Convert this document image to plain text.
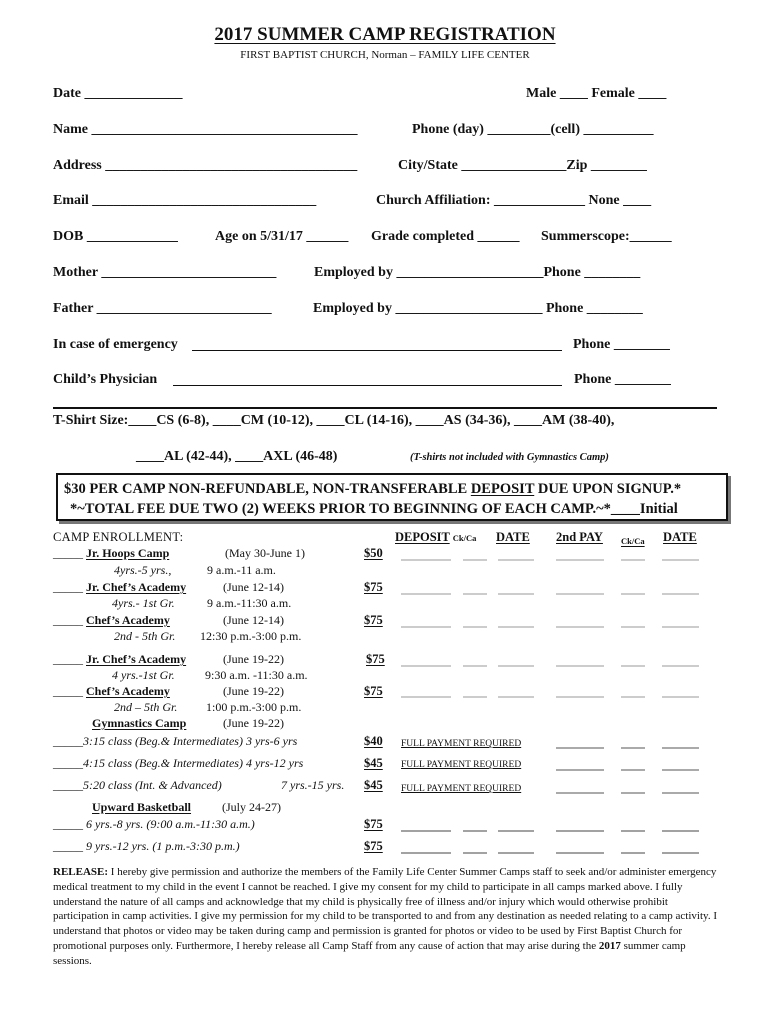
2017 SUMMER CAMP REGISTRATION
FIRST BAPTIST CHURCH, Norman – FAMILY LIFE CENTER
Date ______________	Male ____ Female ____
Name ______________________________________	Phone (day) _________(cell) __________
Address ____________________________________	City/State _______________Zip ________
Email ________________________________	Church Affiliation: _____________ None ____
DOB _____________	Age on 5/31/17 ______ Grade completed ______ Summerscope:______
Mother _________________________	Employed by _____________________Phone ________
Father _________________________	Employed by _____________________ Phone ________
In case of emergency	Phone ________
Child’s Physician	Phone ________
T-Shirt Size:____CS (6-8), ____CM (10-12), ____CL (14-16), ____AS (34-36), ____AM (38-40),
____AL (42-44), ____AXL (46-48)	(T-shirts not included with Gymnastics Camp)
$30 PER CAMP NON-REFUNDABLE, NON-TRANSFERABLE DEPOSIT DUE UPON SIGNUP.*
*~TOTAL FEE DUE TWO (2) WEEKS PRIOR TO BEGINNING OF EACH CAMP.~*____Initial
CAMP ENROLLMENT:	DEPOSIT Ck/Ca DATE 2nd PAY Ck/Ca DATE
_____ Jr. Hoops Camp	(May 30-June 1)	$50
4yrs.-5 yrs.,	9 a.m.-11 a.m.
_____ Jr. Chef’s Academy	(June 12-14)	$75
4yrs.- 1st Gr.	9 a.m.-11:30 a.m.
_____ Chef’s Academy	(June 12-14)	$75
2nd - 5th Gr. 12:30 p.m.-3:00 p.m.
_____ Jr. Chef’s Academy	(June 19-22)	$75
4 yrs.-1st Gr.	9:30 a.m. -11:30 a.m.
_____ Chef’s Academy	(June 19-22)	$75
2nd – 5th Gr. 1:00 p.m.-3:00 p.m.
Gymnastics Camp	(June 19-22)
_____3:15 class (Beg.& Intermediates) 3 yrs-6 yrs	$40 FULL PAYMENT REQUIRED
_____4:15 class (Beg.& Intermediates) 4 yrs-12 yrs	$45 FULL PAYMENT REQUIRED
_____5:20 class (Int. & Advanced)	7 yrs.-15 yrs. $45 FULL PAYMENT REQUIRED
Upward Basketball	(July 24-27)
_____ 6 yrs.-8 yrs. (9:00 a.m.-11:30 a.m.)	$75
_____ 9 yrs.-12 yrs. (1 p.m.-3:30 p.m.)	$75
RELEASE: I hereby give permission and authorize the members of the Family Life Center Summer Camps staff to seek and/or administer emergency medical treatment to my child in the event I cannot be reached. I give my consent for my child to participate in all camps marked above. I fully understand the nature of all camps and acknowledge that my child is physically free of illness and/or injury which would otherwise prohibit participation in camp activities. I give my permission for my child to be transported to and from any destination as needed relating to a camp activity. I understand that photos or video may be taken during camp and permission is granted for photos or video to be used by First Baptist Church for promotional purposes only. Furthermore, I hereby release all Camp Staff from any cause of action that may arise during the 2017 summer camp sessions.
